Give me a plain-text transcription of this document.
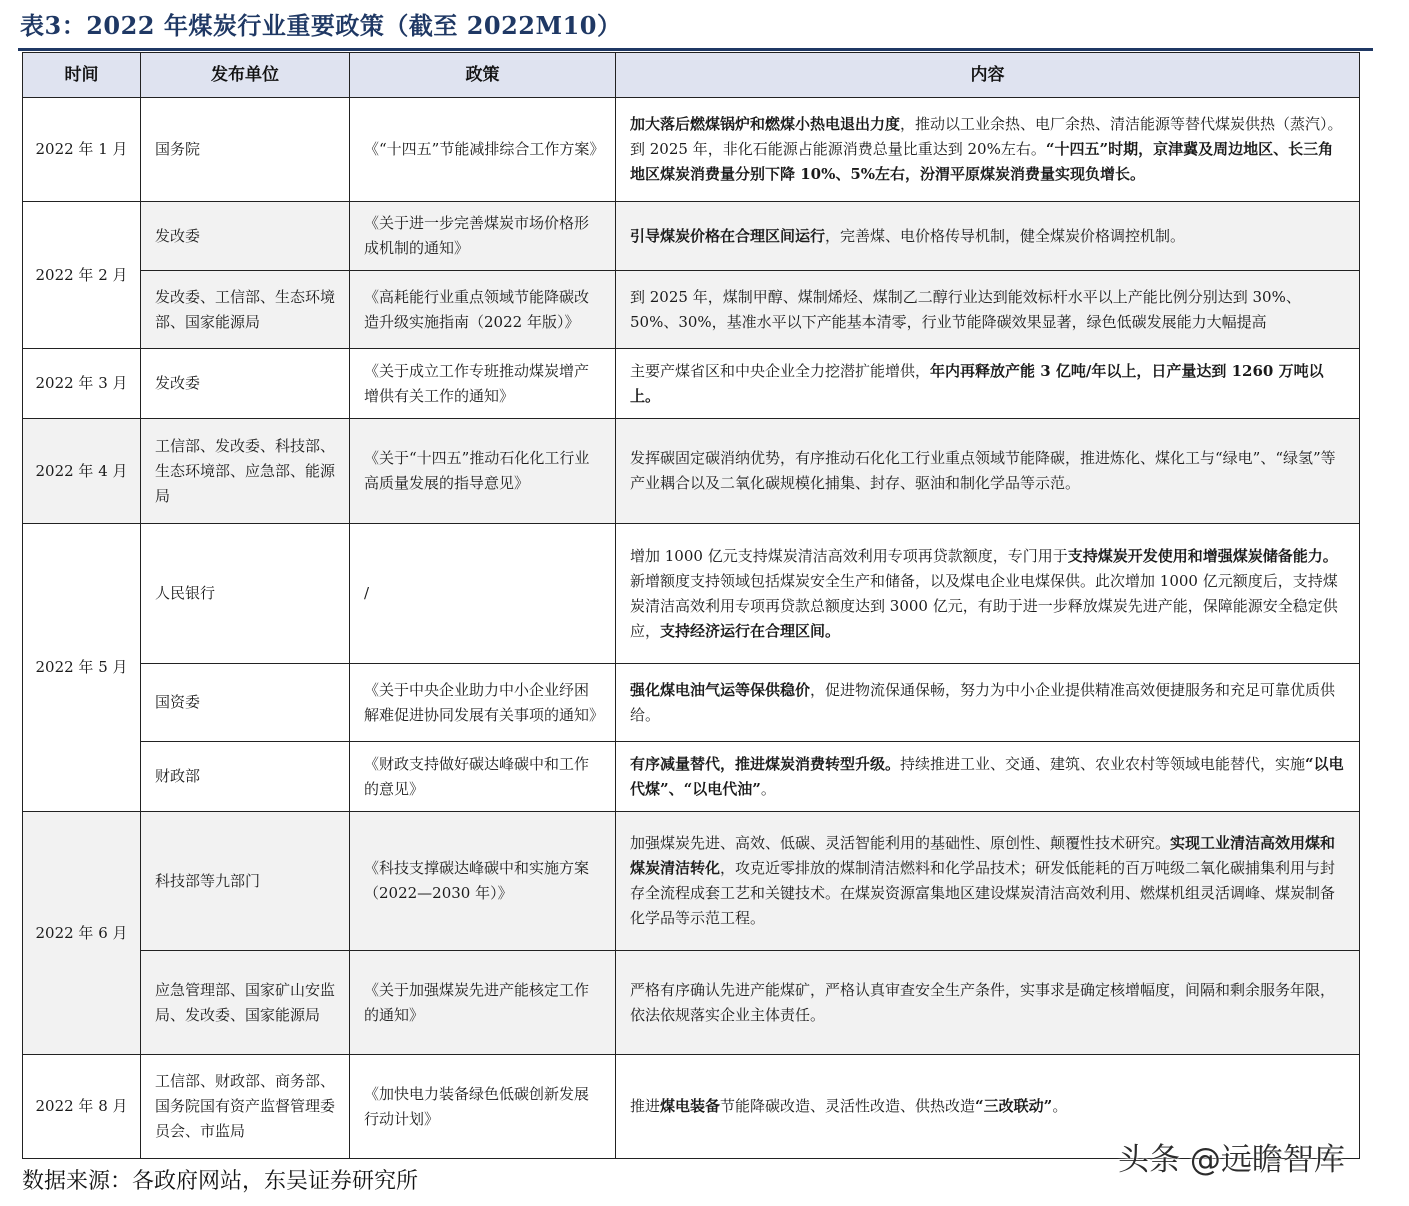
表3：2022 年煤炭行业重要政策（截至 2022M10）
时间	发布单位	政策	内容
2022 年 1 月	国务院	《“十四五”节能减排综合工作方案》	加大落后燃煤锅炉和燃煤小热电退出力度，推动以工业余热、电厂余热、清洁能源等替代煤炭供热（蒸汽）。到 2025 年，非化石能源占能源消费总量比重达到 20%左右。“十四五”时期，京津冀及周边地区、长三角地区煤炭消费量分别下降 10%、5%左右，汾渭平原煤炭消费量实现负增长。
2022 年 2 月	发改委	《关于进一步完善煤炭市场价格形成机制的通知》	引导煤炭价格在合理区间运行，完善煤、电价格传导机制，健全煤炭价格调控机制。
	发改委、工信部、生态环境部、国家能源局	《高耗能行业重点领域节能降碳改造升级实施指南（2022 年版）》	到 2025 年，煤制甲醇、煤制烯烃、煤制乙二醇行业达到能效标杆水平以上产能比例分别达到 30%、50%、30%，基准水平以下产能基本清零，行业节能降碳效果显著，绿色低碳发展能力大幅提高
2022 年 3 月	发改委	《关于成立工作专班推动煤炭增产增供有关工作的通知》	主要产煤省区和中央企业全力挖潜扩能增供，年内再释放产能 3 亿吨/年以上，日产量达到 1260 万吨以上。
2022 年 4 月	工信部、发改委、科技部、生态环境部、应急部、能源局	《关于“十四五”推动石化化工行业高质量发展的指导意见》	发挥碳固定碳消纳优势，有序推动石化化工行业重点领域节能降碳，推进炼化、煤化工与“绿电”、“绿氢”等产业耦合以及二氧化碳规模化捕集、封存、驱油和制化学品等示范。
2022 年 5 月	人民银行	/	增加 1000 亿元支持煤炭清洁高效利用专项再贷款额度，专门用于支持煤炭开发使用和增强煤炭储备能力。新增额度支持领域包括煤炭安全生产和储备，以及煤电企业电煤保供。此次增加 1000 亿元额度后，支持煤炭清洁高效利用专项再贷款总额度达到 3000 亿元，有助于进一步释放煤炭先进产能，保障能源安全稳定供应，支持经济运行在合理区间。
	国资委	《关于中央企业助力中小企业纾困解难促进协同发展有关事项的通知》	强化煤电油气运等保供稳价，促进物流保通保畅，努力为中小企业提供精准高效便捷服务和充足可靠优质供给。
	财政部	《财政支持做好碳达峰碳中和工作的意见》	有序减量替代，推进煤炭消费转型升级。持续推进工业、交通、建筑、农业农村等领域电能替代，实施“以电代煤”、“以电代油”。
2022 年 6 月	科技部等九部门	《科技支撑碳达峰碳中和实施方案（2022—2030 年）》	加强煤炭先进、高效、低碳、灵活智能利用的基础性、原创性、颠覆性技术研究。实现工业清洁高效用煤和煤炭清洁转化，攻克近零排放的煤制清洁燃料和化学品技术；研发低能耗的百万吨级二氧化碳捕集利用与封存全流程成套工艺和关键技术。在煤炭资源富集地区建设煤炭清洁高效利用、燃煤机组灵活调峰、煤炭制备化学品等示范工程。
	应急管理部、国家矿山安监局、发改委、国家能源局	《关于加强煤炭先进产能核定工作的通知》	严格有序确认先进产能煤矿，严格认真审查安全生产条件，实事求是确定核增幅度，间隔和剩余服务年限，依法依规落实企业主体责任。
2022 年 8 月	工信部、财政部、商务部、国务院国有资产监督管理委员会、市监局	《加快电力装备绿色低碳创新发展行动计划》	推进煤电装备节能降碳改造、灵活性改造、供热改造“三改联动”。
数据来源：各政府网站，东吴证券研究所
头条 @远瞻智库
